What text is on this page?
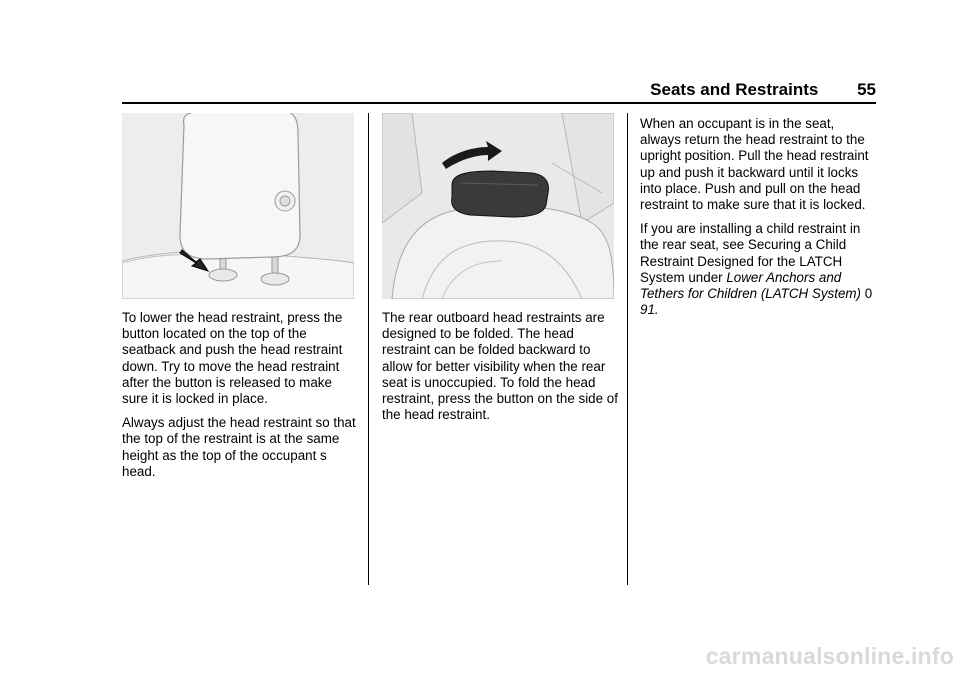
Seats and Restraints 55

To lower the head restraint, press the button located on the top of the seatback and push the head restraint down. Try to move the head restraint after the button is released to make sure it is locked in place.

Always adjust the head restraint so that the top of the restraint is at the same height as the top of the occupant s head.

The rear outboard head restraints are designed to be folded. The head restraint can be folded backward to allow for better visibility when the rear seat is unoccupied. To fold the head restraint, press the button on the side of the head restraint.

When an occupant is in the seat, always return the head restraint to the upright position. Pull the head restraint up and push it backward until it locks into place. Push and pull on the head restraint to make sure that it is locked.

If you are installing a child restraint in the rear seat, see Securing a Child Restraint Designed for the LATCH System under Lower Anchors and Tethers for Children (LATCH System) 0 91.

carmanualsonline.info
